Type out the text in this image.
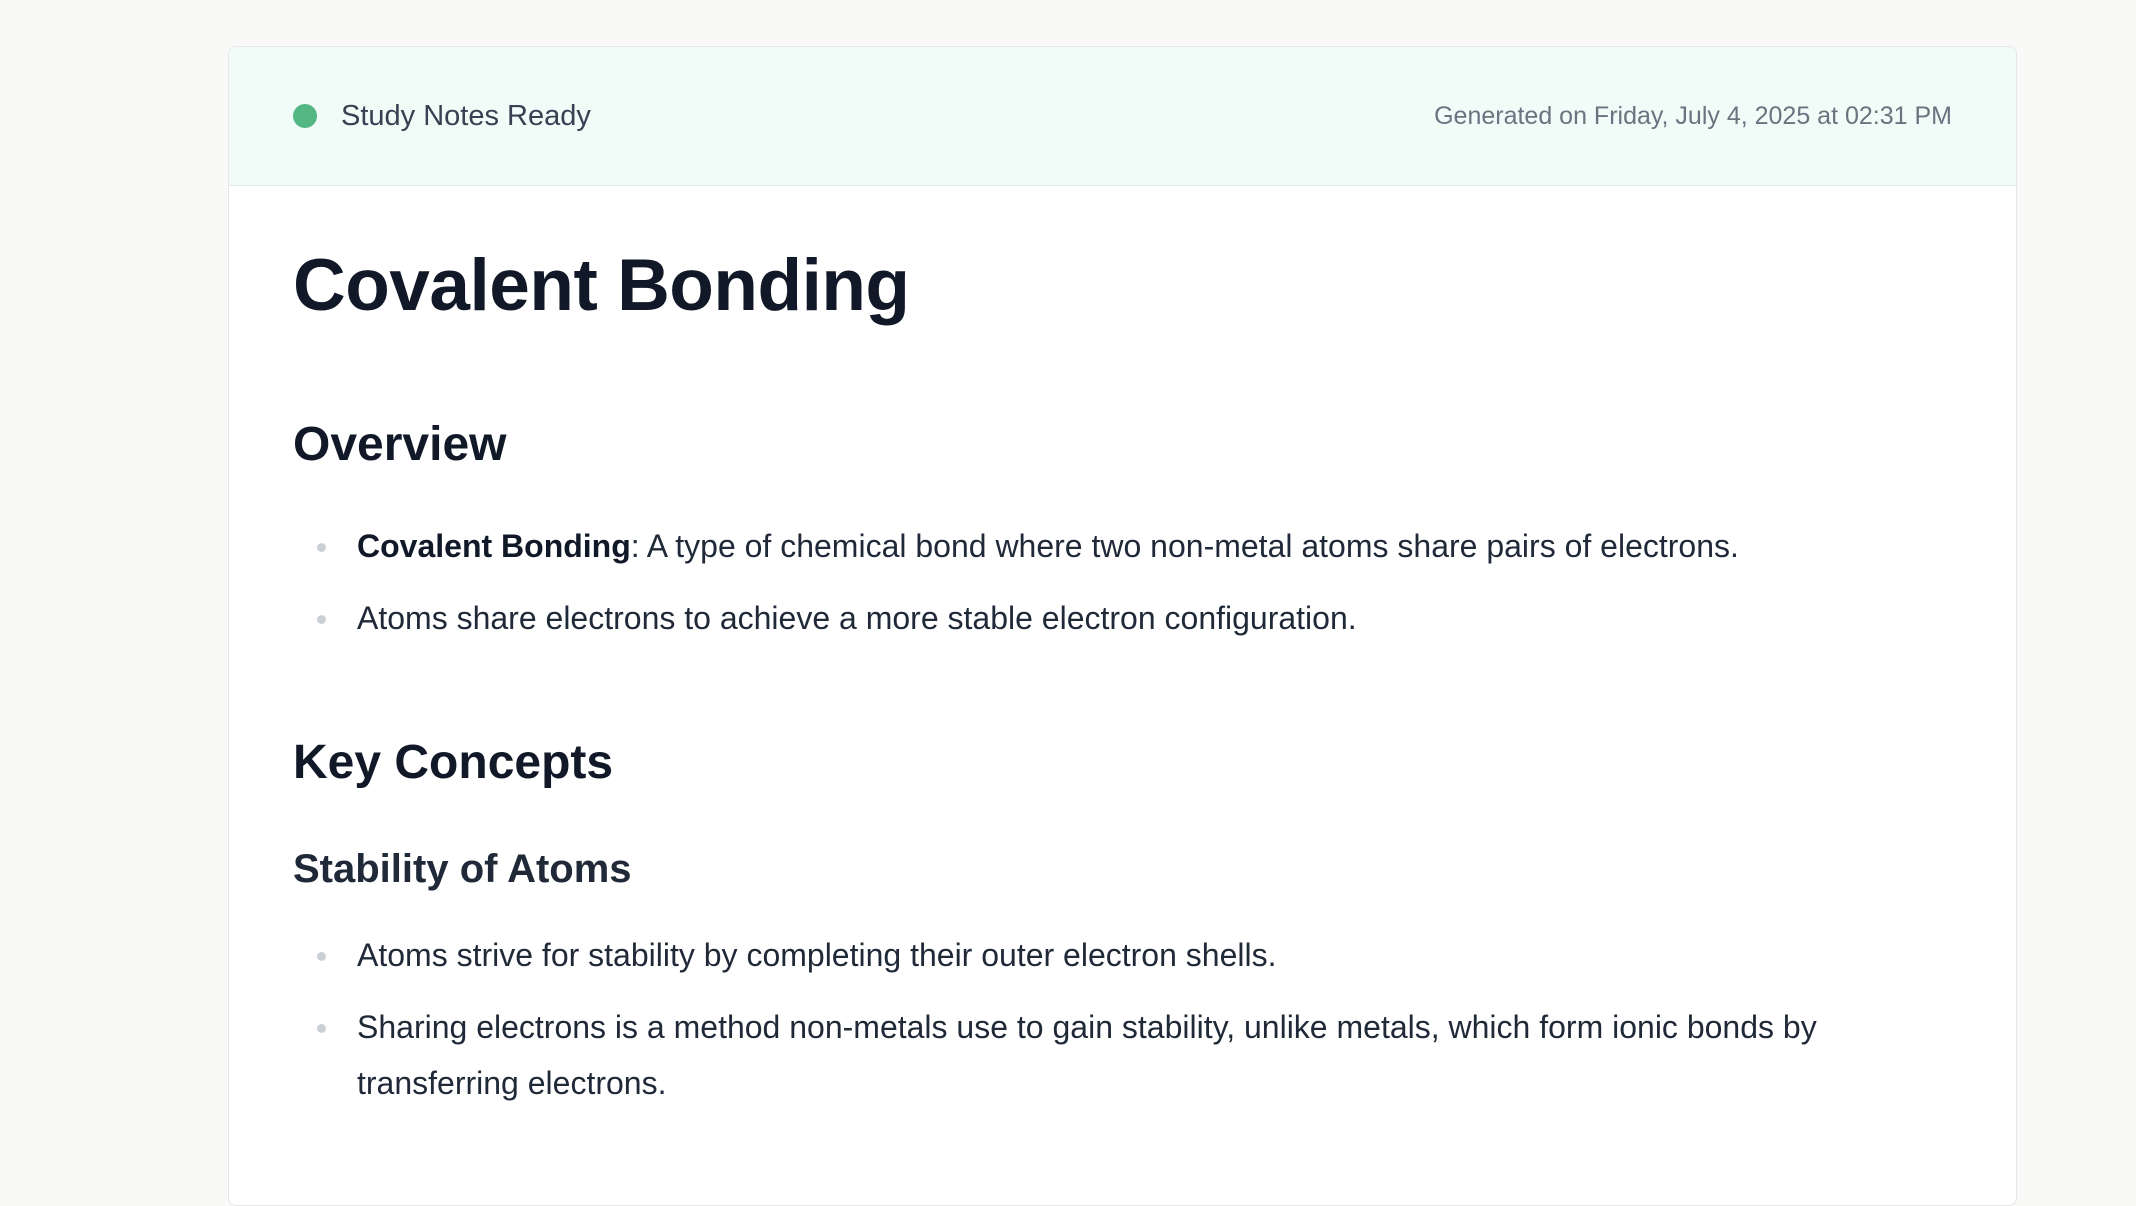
Study Notes Ready	Generated on Friday, July 4, 2025 at 02:31 PM
Covalent Bonding
Overview
Covalent Bonding: A type of chemical bond where two non-metal atoms share pairs of electrons.
Atoms share electrons to achieve a more stable electron configuration.
Key Concepts
Stability of Atoms
Atoms strive for stability by completing their outer electron shells.
Sharing electrons is a method non-metals use to gain stability, unlike metals, which form ionic bonds by transferring electrons.
